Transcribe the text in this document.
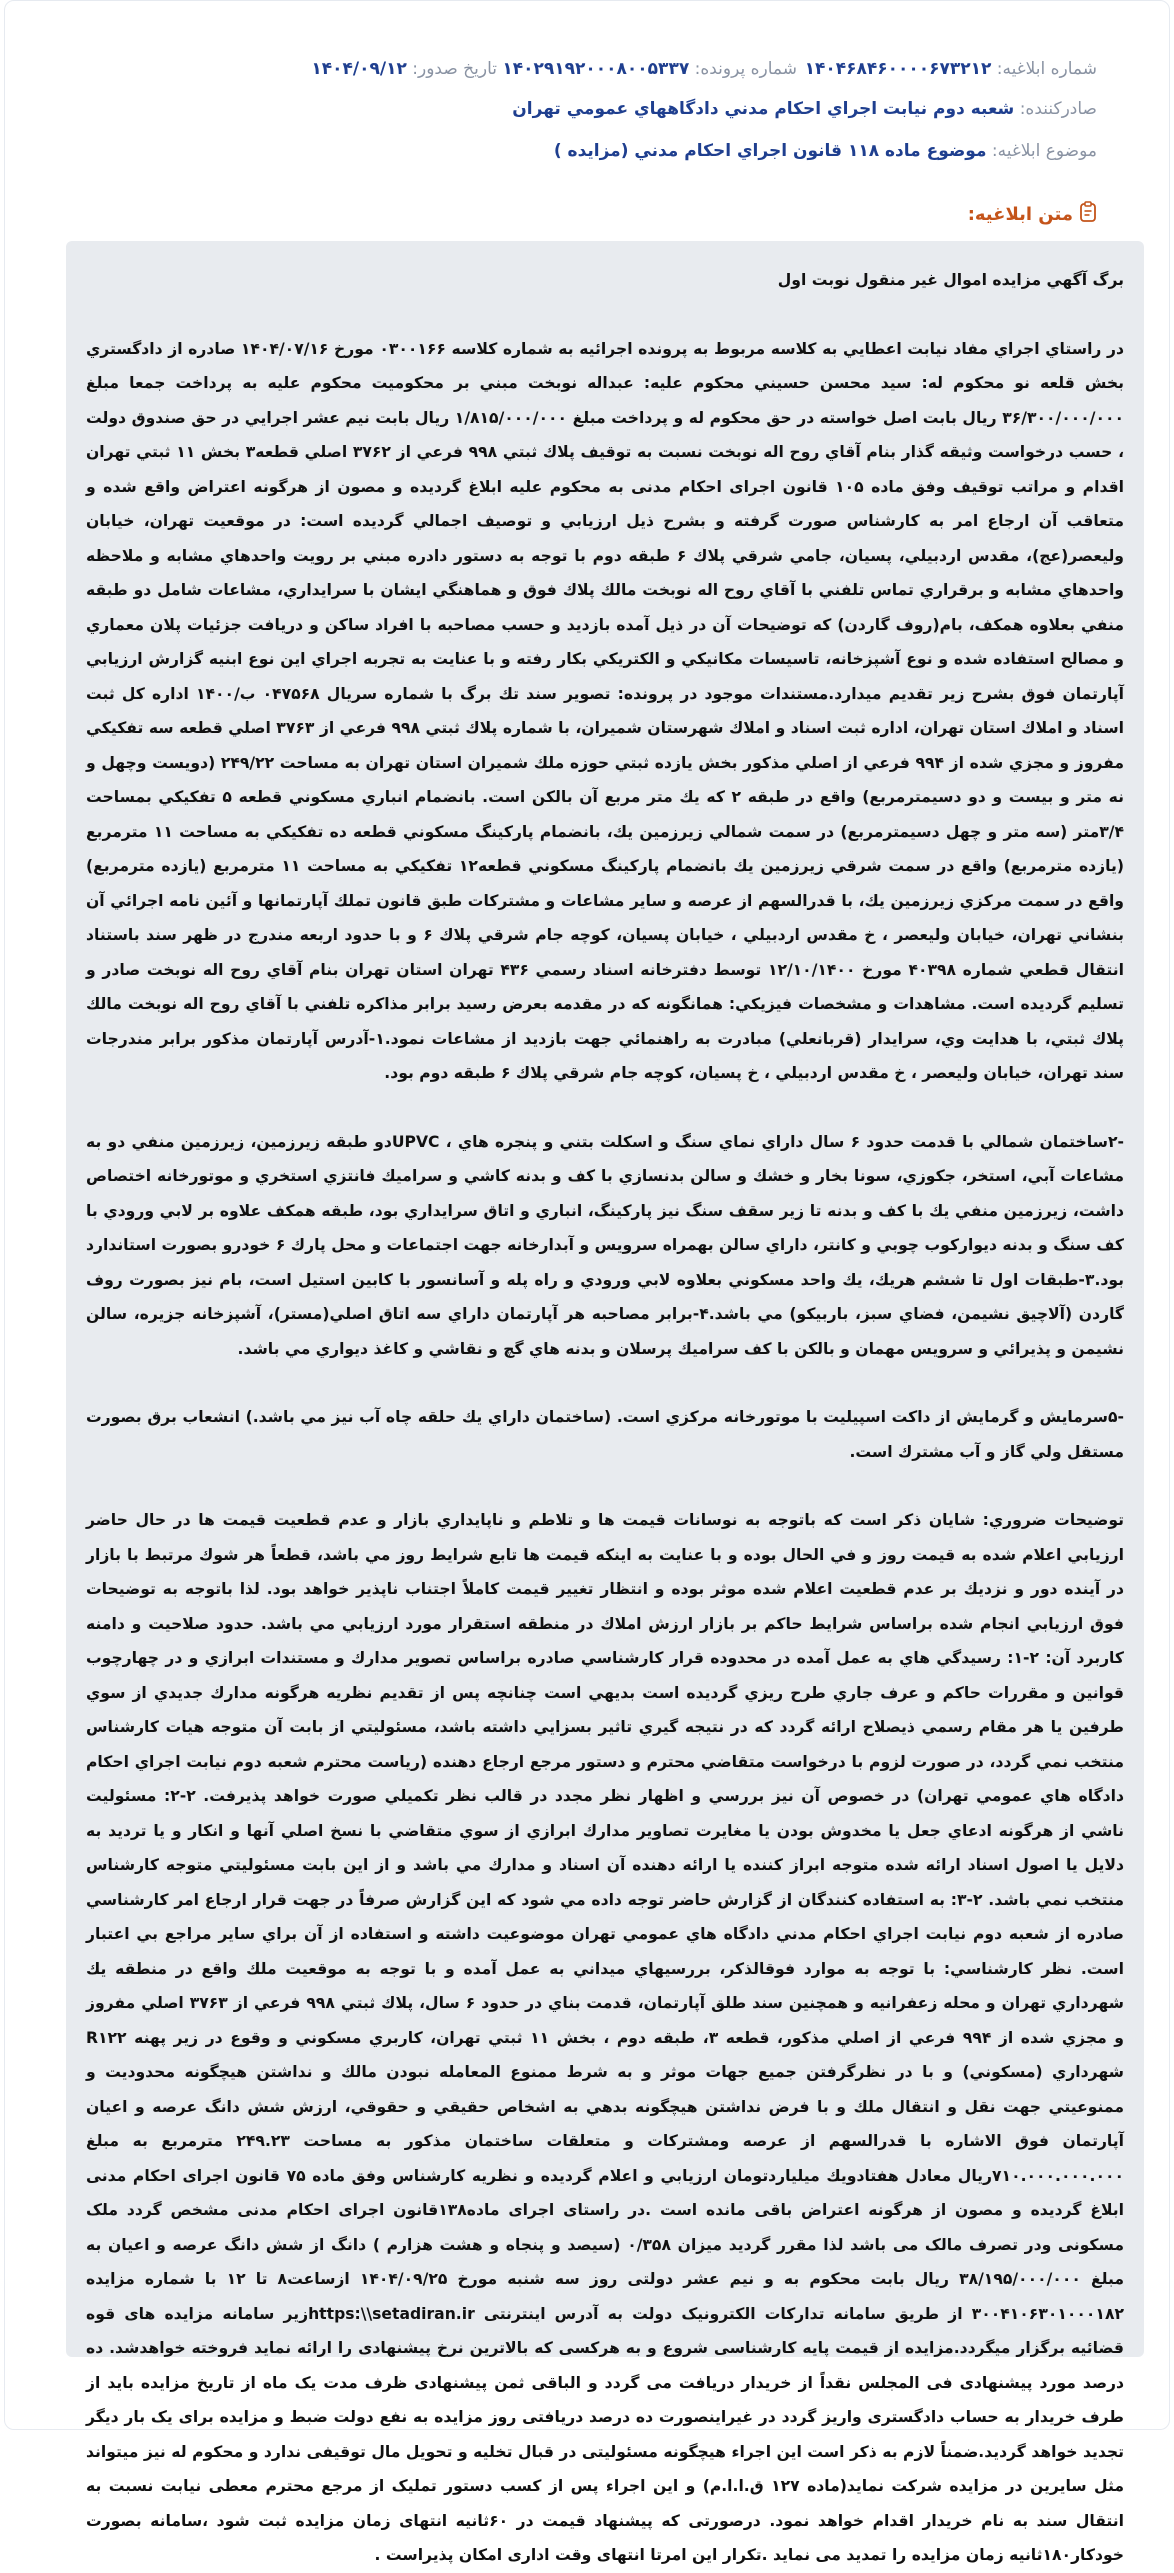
شماره ابلاغيه: ۱۴۰۴۶۸۴۶۰۰۰۰۶۷۳۲۱۲
شماره پرونده: ۱۴۰۲۹۱۹۲۰۰۰۸۰۰۵۳۳۷
تاريخ صدور: ۱۴۰۴/۰۹/۱۲
صادرکننده: شعبه دوم نيابت اجراي احكام مدني دادگاههاي عمومي تهران
موضوع ابلاغيه: موضوع ماده ۱۱۸ قانون اجراي احكام مدني (مزايده )
متن ابلاغيه:

برگ آگهي مزايده اموال غير منقول نوبت اول

در راستاي اجراي مفاد نيابت اعطايي به كلاسه مربوط به پرونده اجرائيه به شماره كلاسه ۰۳۰۰۱۶۶ مورخ ۱۴۰۴/۰۷/۱۶ صادره از دادگستري بخش قلعه نو محكوم له: سيد محسن حسيني محكوم عليه: عبداله نوبخت مبني بر محكوميت محكوم عليه به پرداخت جمعا مبلغ ۳۶/۳۰۰/۰۰۰/۰۰۰ ريال بابت اصل خواسته در حق محكوم له و پرداخت مبلغ ۱/۸۱۵/۰۰۰/۰۰۰ ريال بابت نيم عشر اجرايي در حق صندوق دولت ، حسب درخواست وثيقه گذار بنام آقاي روح اله نوبخت نسبت به توقيف پلاك ثبتي ۹۹۸ فرعي از ۳۷۶۲ اصلي قطعه۳ بخش ۱۱ ثبتي تهران اقدام و مراتب توقيف وفق ماده ۱۰۵ قانون اجرای احکام مدنی به محکوم علیه ابلاغ گرديده و مصون از هرگونه اعتراض واقع شده و متعاقب آن ارجاع امر به كارشناس صورت گرفته و بشرح ذيل ارزيابي و توصيف اجمالي گرديده است: در موقعيت تهران، خيابان وليعصر(عج)، مقدس اردبيلي، پسيان، جامي شرقي پلاك ۶ طبقه دوم با توجه به دستور دادره مبني بر رويت واحدهاي مشابه و ملاحظه واحدهاي مشابه و برقراري تماس تلفني با آقاي روح اله نوبخت مالك پلاك فوق و هماهنگي ايشان با سرايداري، مشاعات شامل دو طبقه منفي بعلاوه همكف، بام(روف گاردن) كه توضيحات آن در ذيل آمده بازديد و حسب مصاحبه با افراد ساكن و دريافت جزئيات پلان معماري و مصالح استفاده شده و نوع آشپزخانه، تاسيسات مكانيكي و الكتريكي بكار رفته و با عنايت به تجربه اجراي اين نوع ابنيه گزارش ارزيابي آپارتمان فوق بشرح زير تقديم ميدارد.مستندات موجود در پرونده: تصوير سند تك برگ با شماره سريال ۰۴۷۵۶۸ ب/۱۴۰۰ اداره كل ثبت اسناد و املاك استان تهران، اداره ثبت اسناد و املاك شهرستان شميران، با شماره پلاك ثبتي ۹۹۸ فرعي از ۳۷۶۳ اصلي قطعه سه تفكيكي مفروز و مجزي شده از ۹۹۴ فرعي از اصلي مذكور بخش يازده ثبتي حوزه ملك شميران استان تهران به مساحت ۲۴۹/۲۲ (دويست وچهل و نه متر و بيست و دو دسيمترمربع) واقع در طبقه ۲ كه يك متر مربع آن بالكن است. بانضمام انباري مسكوني قطعه ۵ تفكيكي بمساحت ۳/۴متر (سه متر و چهل دسيمترمربع) در سمت شمالي زيرزمين يك، بانضمام پاركينگ مسكوني قطعه ده تفكيكي به مساحت ۱۱ مترمربع (يازده مترمربع) واقع در سمت شرقي زيرزمين يك بانضمام پاركينگ مسكوني قطعه۱۲ تفكيكي به مساحت ۱۱ مترمربع (يازده مترمربع) واقع در سمت مركزي زيرزمين يك، با قدرالسهم از عرصه و ساير مشاعات و مشتركات طبق قانون تملك آپارتمانها و آئين نامه اجرائي آن بنشاني تهران، خيابان وليعصر ، خ مقدس اردبيلي ، خيابان پسيان، كوچه جام شرقي پلاك ۶ و با حدود اربعه مندرج در ظهر سند باستناد انتقال قطعي شماره ۴۰۳۹۸ مورخ ۱۲/۱۰/۱۴۰۰ توسط دفترخانه اسناد رسمي ۴۳۶ تهران استان تهران بنام آقاي روح اله نوبخت صادر و تسليم گرديده است. مشاهدات و مشخصات فيزيكي: همانگونه كه در مقدمه بعرض رسيد برابر مذاكره تلفني با آقاي روح اله نوبخت مالك پلاك ثبتي، با هدايت وي، سرايدار (قربانعلي) مبادرت به راهنمائي جهت بازديد از مشاعات نمود.۱-آدرس آپارتمان مذكور برابر مندرجات سند تهران، خيابان وليعصر ، خ مقدس اردبيلي ، خ پسيان، كوچه جام شرقي پلاك ۶ طبقه دوم بود.

-۲ساختمان شمالي با قدمت حدود ۶ سال داراي نماي سنگ و اسكلت بتني و پنجره هاي ، UPVCدو طبقه زيرزمين، زيرزمين منفي دو به مشاعات آبي، استخر، جكوزي، سونا بخار و خشك و سالن بدنسازي با كف و بدنه كاشي و سراميك فانتزي استخري و موتورخانه اختصاص داشت، زيرزمين منفي يك با كف و بدنه تا زير سقف سنگ نيز پاركينگ، انباري و اتاق سرايداري بود، طبقه همكف علاوه بر لابي ورودي با كف سنگ و بدنه ديواركوب چوبي و كانتر، داراي سالن بهمراه سرويس و آبدارخانه جهت اجتماعات و محل پارك ۶ خودرو بصورت استاندارد بود.۳-طبقات اول تا ششم هريك، يك واحد مسكوني بعلاوه لابي ورودي و راه پله و آسانسور با كابين استيل است، بام نيز بصورت روف گاردن (آلاچيق نشيمن، فضاي سبز، باربيكو) مي باشد.۴-برابر مصاحبه هر آپارتمان داراي سه اتاق اصلي(مستر)، آشپزخانه جزيره، سالن نشيمن و پذيرائي و سرويس مهمان و بالكن با كف سراميك پرسلان و بدنه هاي گچ و نقاشي و كاغذ ديواري مي باشد.

-۵سرمايش و گرمايش از داكت اسپيليت با موتورخانه مركزي است. (ساختمان داراي يك حلقه چاه آب نيز مي باشد.) انشعاب برق بصورت مستقل ولي گاز و آب مشترك است.

توضيحات ضروري: شايان ذكر است كه باتوجه به نوسانات قيمت ها و تلاطم و ناپايداري بازار و عدم قطعيت قيمت ها در حال حاضر ارزيابي اعلام شده به قيمت روز و في الحال بوده و با عنايت به اينكه قيمت ها تابع شرايط روز مي باشد، قطعاً هر شوك مرتبط با بازار در آينده دور و نزديك بر عدم قطعيت اعلام شده موثر بوده و انتظار تغيير قيمت كاملاً اجتناب ناپذير خواهد بود. لذا باتوجه به توضيحات فوق ارزيابي انجام شده براساس شرايط حاكم بر بازار ارزش املاك در منطقه استقرار مورد ارزيابي مي باشد. حدود صلاحيت و دامنه كاربرد آن: ۲-۱: رسيدگي هاي به عمل آمده در محدوده قرار كارشناسي صادره براساس تصوير مدارك و مستندات ابرازي و در چهارچوب قوانين و مقررات حاكم و عرف جاري طرح ريزي گرديده است بديهي است چنانچه پس از تقديم نظريه هرگونه مدارك جديدي از سوي طرفين يا هر مقام رسمي ذيصلاح ارائه گردد كه در نتيجه گيري تاثير بسزايي داشته باشد، مسئوليتي از بابت آن متوجه هيات كارشناس منتخب نمي گردد، در صورت لزوم با درخواست متقاضي محترم و دستور مرجع ارجاع دهنده (رياست محترم شعبه دوم نيابت اجراي احكام دادگاه هاي عمومي تهران) در خصوص آن نيز بررسي و اظهار نظر مجدد در قالب نظر تكميلي صورت خواهد پذيرفت. ۲-۲: مسئوليت ناشي از هرگونه ادعاي جعل يا مخدوش بودن يا مغايرت تصاوير مدارك ابرازي از سوي متقاضي با نسخ اصلي آنها و انكار و يا ترديد به دلايل يا اصول اسناد ارائه شده متوجه ابراز كننده يا ارائه دهنده آن اسناد و مدارك مي باشد و از اين بابت مسئوليتي متوجه كارشناس منتخب نمي باشد. ۲-۳: به استفاده كنندگان از گزارش حاضر توجه داده مي شود كه اين گزارش صرفاً در جهت قرار ارجاع امر كارشناسي صادره از شعبه دوم نيابت اجراي احكام مدني دادگاه هاي عمومي تهران موضوعيت داشته و استفاده از آن براي ساير مراجع بي اعتبار است. نظر كارشناسي: با توجه به موارد فوقالذكر، بررسيهاي ميداني به عمل آمده و با توجه به موقعيت ملك واقع در منطقه يك شهرداري تهران و محله زعفرانيه و همچنين سند طلق آپارتمان، قدمت بناي در حدود ۶ سال، پلاك ثبتي ۹۹۸ فرعي از ۳۷۶۳ اصلي مفروز و مجزي شده از ۹۹۴ فرعي از اصلي مذكور، قطعه ۳، طبقه دوم ، بخش ۱۱ ثبتي تهران، كاربري مسكوني و وقوع در زير پهنه R۱۲۲ شهرداري (مسكوني) و با در نظرگرفتن جميع جهات موثر و به شرط ممنوع المعامله نبودن مالك و نداشتن هيچگونه محدوديت و ممنوعيتي جهت نقل و انتقال ملك و با فرض نداشتن هيچگونه بدهي به اشخاص حقيقي و حقوقي، ارزش شش دانگ عرصه و اعيان آپارتمان فوق الاشاره با قدرالسهم از عرصه ومشتركات و متعلقات ساختمان مذكور به مساحت ۲۴۹.۲۳ مترمربع به مبلغ ۷۱۰.۰۰۰.۰۰۰.۰۰۰ريال معادل هفتادويك ميلياردتومان ارزيابي و اعلام گرديده و نظريه كارشناس وفق ماده ۷۵ قانون اجرای احکام مدنی ابلاغ گرديده و مصون از هرگونه اعتراض باقی مانده است .در راستای اجرای ماده۱۳۸قانون اجرای احکام مدنی مشخص گردد ملک مسکونی ودر تصرف مالک می باشد لذا مقرر گردید میزان ۰/۳۵۸ (سیصد و پنجاه و هشت هزارم ) دانگ از شش دانگ عرصه و اعیان به مبلغ ۳۸/۱۹۵/۰۰۰/۰۰۰ ريال بابت محکوم به و نیم عشر دولتی روز سه شنبه مورخ ۱۴۰۴/۰۹/۲۵ ازساعت۸ تا ۱۲ با شماره مزایده ۳۰۰۴۱۰۶۳۰۱۰۰۰۱۸۲ از طریق سامانه تدارکات الکترونیک دولت به آدرس اینترنتی https:\\setadiran.irزیر سامانه مزایده های قوه قضائیه برگزار میگردد.مزایده از قیمت پایه کارشناسی شروع و به هرکسی که بالاترین نرخ پیشنهادی را ارائه نماید فروخته خواهدشد. ده درصد مورد پیشنهادی فی المجلس نقداً از خریدار دریافت می گردد و الباقی ثمن پیشنهادی ظرف مدت یک ماه از تاریخ مزایده باید از طرف خریدار به حساب دادگستری واریز گردد در غیراینصورت ده درصد دریافتی روز مزایده به نفع دولت ضبط و مزایده برای یک بار دیگر تجدید خواهد گردید.ضمناً لازم به ذکر است این اجراء هیچگونه مسئولیتی در قبال تخلیه و تحویل مال توقیفی ندارد و محکوم له نیز میتواند مثل سایرین در مزایده شرکت نماید(ماده ۱۲۷ ق.ا.ا.م) و این اجراء پس از کسب دستور تملیک از مرجع محترم معطی نیابت نسبت به انتقال سند به نام خریدار اقدام خواهد نمود. درصورتی که پیشنهاد قیمت در ۶۰ثانیه انتهای زمان مزایده ثبت شود ،سامانه بصورت خودکار۱۸۰ثانیه زمان مزایده را تمدید می نماید .تکرار این امرتا انتهای وقت اداری امکان پذیراست .
